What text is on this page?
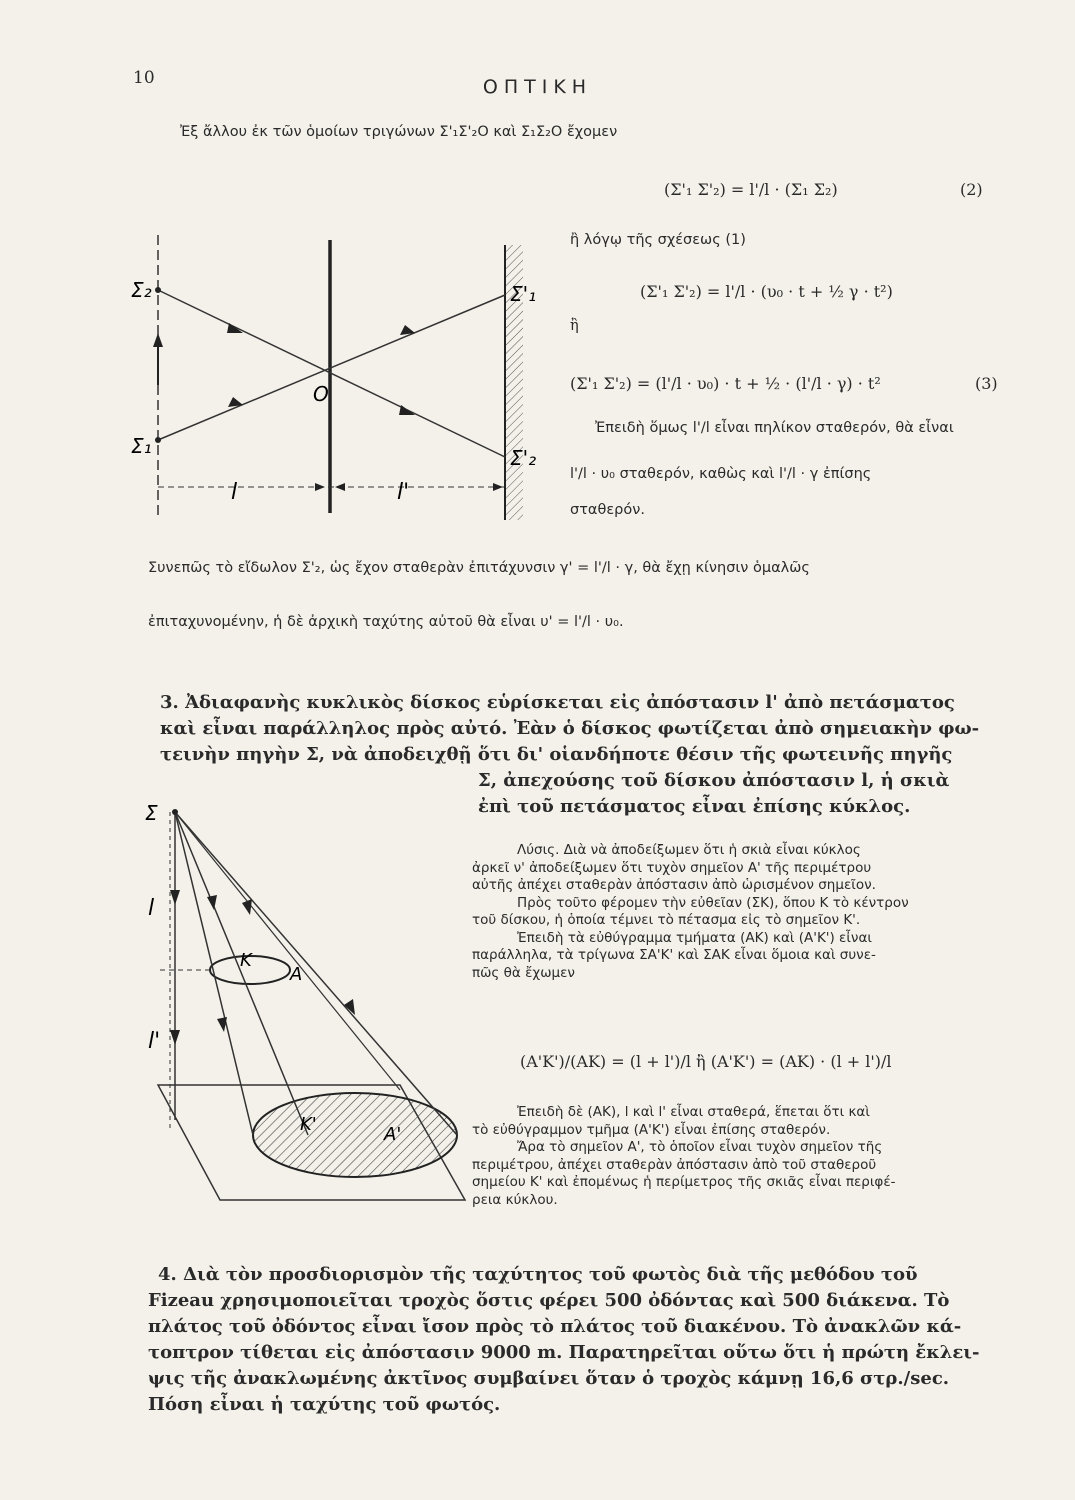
10	ΟΠΤΙΚΗ
Ἐξ ἄλλου ἐκ τῶν ὁμοίων τριγώνων Σ'₁Σ'₂Ο καὶ Σ₁Σ₂Ο ἔχομεν
(Σ'₁ Σ'₂) = l'/l · (Σ₁ Σ₂)	(2)
ἢ λόγῳ τῆς σχέσεως (1)
(Σ'₁ Σ'₂) = l'/l · (υ₀ · t + ½ γ · t²)
ἢ
(Σ'₁ Σ'₂) = (l'/l · υ₀) · t + ½ · (l'/l · γ) · t²	(3)
Ἐπειδὴ ὅμως l'/l εἶναι πηλίκον σταθερόν, θὰ εἶναι
l'/l · υ₀ σταθερόν, καθὼς καὶ l'/l · γ ἐπίσης
σταθερόν.
Συνεπῶς τὸ εἴδωλον Σ'₂, ὡς ἔχον σταθερὰν ἐπιτάχυνσιν γ' = l'/l · γ, θὰ ἔχῃ κίνησιν ὁμαλῶς
ἐπιταχυνομένην, ἡ δὲ ἀρχικὴ ταχύτης αὐτοῦ θὰ εἶναι υ' = l'/l · υ₀.
Σ₂
Σ₁
Σ'₁
Σ'₂
O
l	l'
3. Ἀδιαφανὴς κυκλικὸς δίσκος εὑρίσκεται εἰς ἀπόστασιν l' ἀπὸ πετάσματος
καὶ εἶναι παράλληλος πρὸς αὐτό. Ἐὰν ὁ δίσκος φωτίζεται ἀπὸ σημειακὴν φω-
τεινὴν πηγὴν Σ, νὰ ἀποδειχθῇ ὅτι δι' οἱανδήποτε θέσιν τῆς φωτεινῆς πηγῆς
Σ, ἀπεχούσης τοῦ δίσκου ἀπόστασιν l, ἡ σκιὰ
ἐπὶ τοῦ πετάσματος εἶναι ἐπίσης κύκλος.
Λύσις. Διὰ νὰ ἀποδείξωμεν ὅτι ἡ σκιὰ εἶναι κύκλος
ἀρκεῖ ν' ἀποδείξωμεν ὅτι τυχὸν σημεῖον Α' τῆς περιμέτρου
αὐτῆς ἀπέχει σταθερὰν ἀπόστασιν ἀπὸ ὡρισμένον σημεῖον.
Πρὸς τοῦτο φέρομεν τὴν εὐθεῖαν (ΣΚ), ὅπου Κ τὸ κέντρον
τοῦ δίσκου, ἡ ὁποία τέμνει τὸ πέτασμα εἰς τὸ σημεῖον Κ'.
Ἐπειδὴ τὰ εὐθύγραμμα τμήματα (ΑΚ) καὶ (Α'Κ') εἶναι
παράλληλα, τὰ τρίγωνα ΣΑ'Κ' καὶ ΣΑΚ εἶναι ὅμοια καὶ συνε-
πῶς θὰ ἔχωμεν
(Α'Κ')/(ΑΚ) = (l + l')/l ἢ (Α'Κ') = (ΑΚ) · (l + l')/l
Ἐπειδὴ δὲ (ΑΚ), l καὶ l' εἶναι σταθερά, ἕπεται ὅτι καὶ
τὸ εὐθύγραμμον τμῆμα (Α'Κ') εἶναι ἐπίσης σταθερόν.
Ἄρα τὸ σημεῖον Α', τὸ ὁποῖον εἶναι τυχὸν σημεῖον τῆς
περιμέτρου, ἀπέχει σταθερὰν ἀπόστασιν ἀπὸ τοῦ σταθεροῦ
σημείου Κ' καὶ ἐπομένως ἡ περίμετρος τῆς σκιᾶς εἶναι περιφέ-
ρεια κύκλου.
Σ
l
l'
K
A
K'	A'
4. Διὰ τὸν προσδιορισμὸν τῆς ταχύτητος τοῦ φωτὸς διὰ τῆς μεθόδου τοῦ
Fizeau χρησιμοποιεῖται τροχὸς ὅστις φέρει 500 ὀδόντας καὶ 500 διάκενα. Τὸ
πλάτος τοῦ ὀδόντος εἶναι ἴσον πρὸς τὸ πλάτος τοῦ διακένου. Τὸ ἀνακλῶν κά-
τοπτρον τίθεται εἰς ἀπόστασιν 9000 m. Παρατηρεῖται οὕτω ὅτι ἡ πρώτη ἔκλει-
ψις τῆς ἀνακλωμένης ἀκτῖνος συμβαίνει ὅταν ὁ τροχὸς κάμνῃ 16,6 στρ./sec.
Πόση εἶναι ἡ ταχύτης τοῦ φωτός.
